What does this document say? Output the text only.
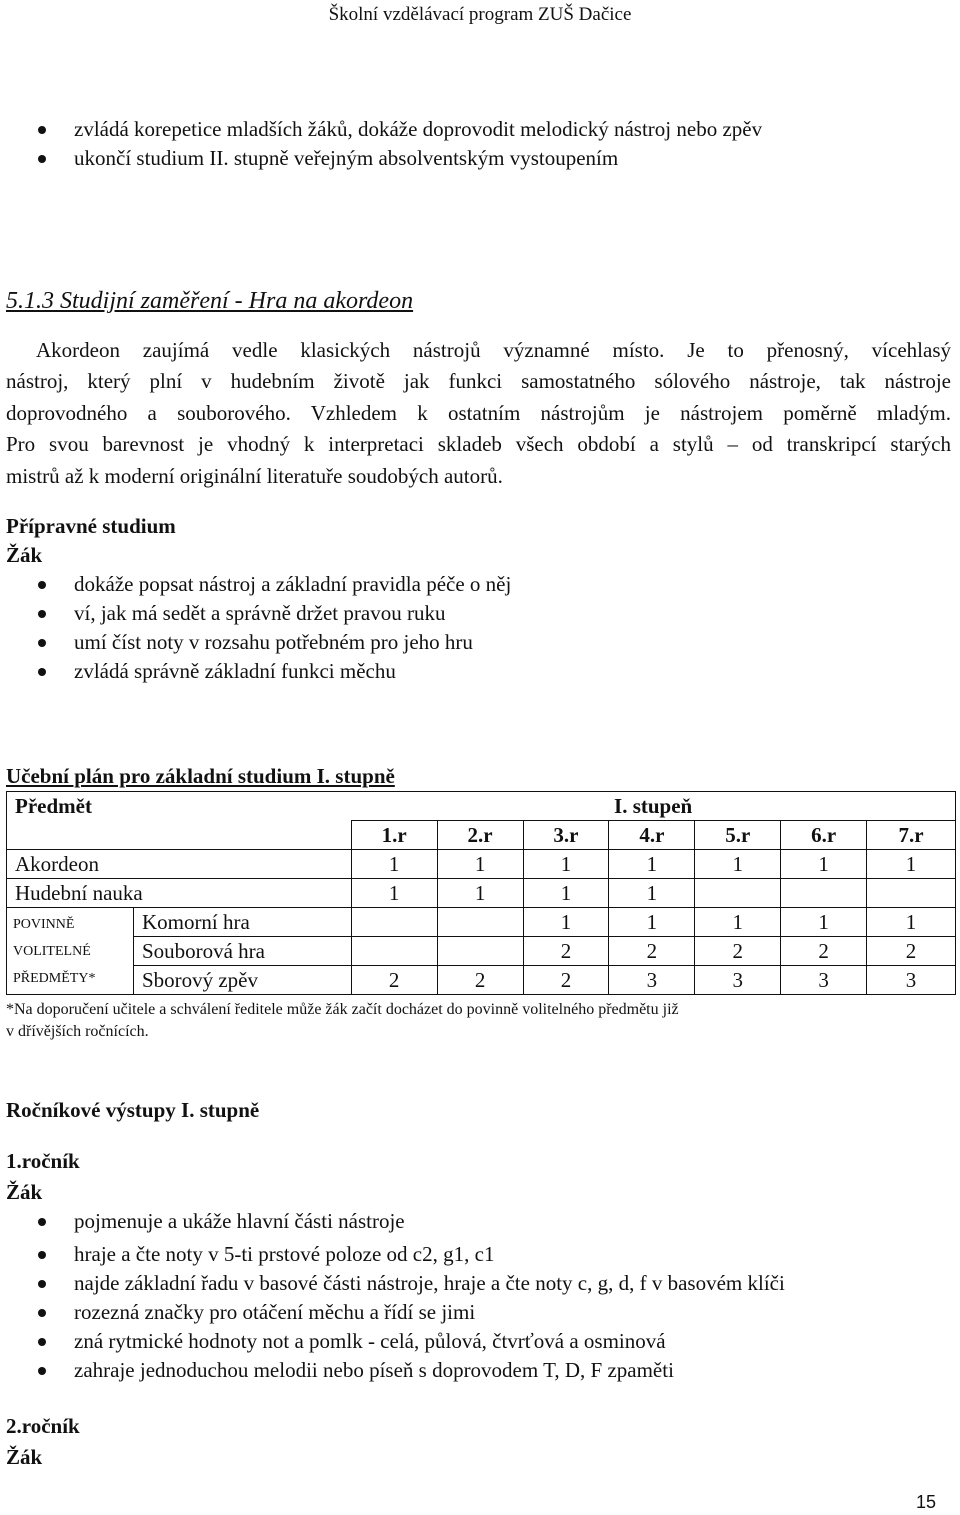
Školní vzdělávací program ZUŠ Dačice
zvládá korepetice mladších žáků, dokáže doprovodit melodický nástroj nebo zpěv
ukončí studium II. stupně veřejným absolventským vystoupením
5.1.3 Studijní zaměření - Hra na akordeon

Akordeon zaujímá vedle klasických nástrojů významné místo. Je to přenosný, vícehlasý
nástroj, který plní v hudebním životě jak funkci samostatného sólového nástroje, tak nástroje
doprovodného a souborového. Vzhledem k ostatním nástrojům je nástrojem poměrně mladým.
Pro svou barevnost je vhodný k interpretaci skladeb všech období a stylů – od transkripcí starých
mistrů až k moderní originální literatuře soudobých autorů.

Přípravné studium
Žák
dokáže popsat nástroj a základní pravidla péče o něj
ví, jak má sedět a správně držet pravou ruku
umí číst noty v rozsahu potřebném pro jeho hru
zvládá správně základní funkci měchu
Učební plán pro základní studium I. stupně
Předmět		I. stupeň						
		1.r	2.r	3.r	4.r	5.r	6.r	7.r
Akordeon		1	1	1	1	1	1	1
Hudební nauka		1	1	1	1			

POVINNĚ
VOLITELNÉ
PŘEDMĚTY*	Komorní hra			1	1	1	1	1
	Souborová hra			2	2	2	2	2
	Sborový zpěv	2	2	2	3	3	3	3
*Na doporučení učitele a schválení ředitele může žák začít docházet do povinně volitelného předmětu již
v dřívějších ročnících.
Ročníkové výstupy I. stupně
1.ročník
Žák
pojmenuje a ukáže hlavní části nástroje
hraje a čte noty v 5-ti prstové poloze od c2, g1, c1
najde základní řadu v basové části nástroje, hraje a čte noty c, g, d, f v basovém klíči
rozezná značky pro otáčení měchu a řídí se jimi
zná rytmické hodnoty not a pomlk - celá, půlová, čtvrťová a osminová
zahraje jednoduchou melodii nebo píseň s doprovodem T, D, F zpaměti
2.ročník
Žák
15
